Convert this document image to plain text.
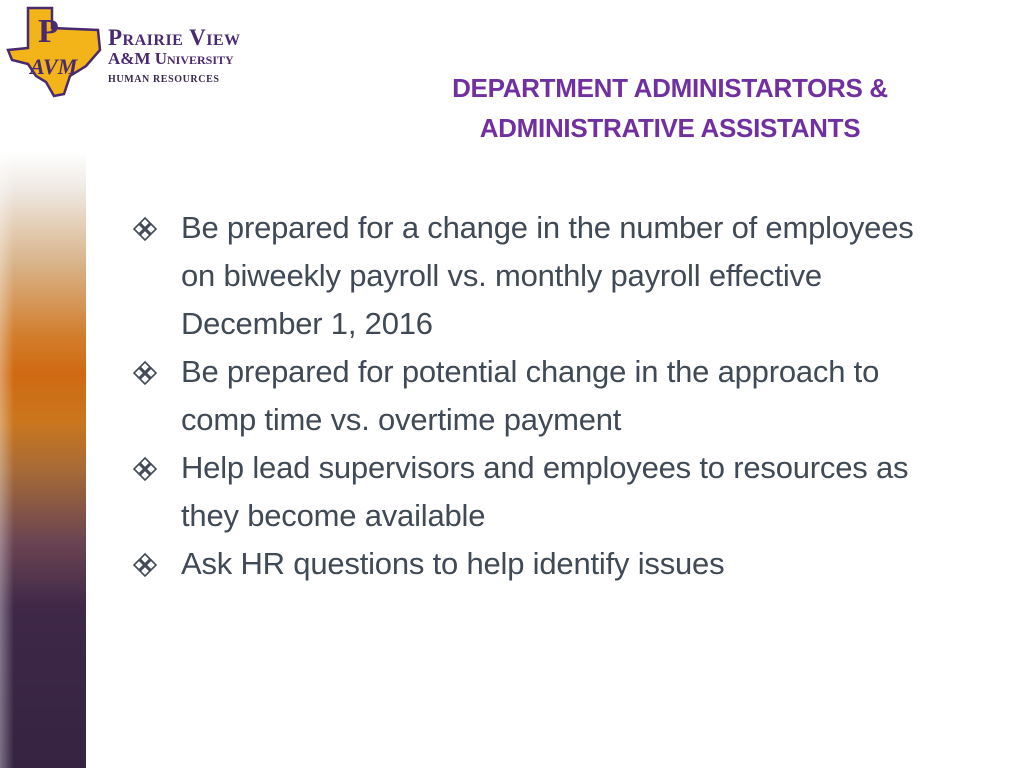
P
AVM
Prairie View
A&M University
HUMAN RESOURCES	DEPARTMENT ADMINISTARTORS &
ADMINISTRATIVE ASSISTANTS
Be prepared for a change in the number of employees on biweekly payroll vs. monthly payroll effective December 1, 2016
Be prepared for potential change in the approach to comp time vs. overtime payment
Help lead supervisors and employees to resources as they become available
Ask HR questions to help identify issues
